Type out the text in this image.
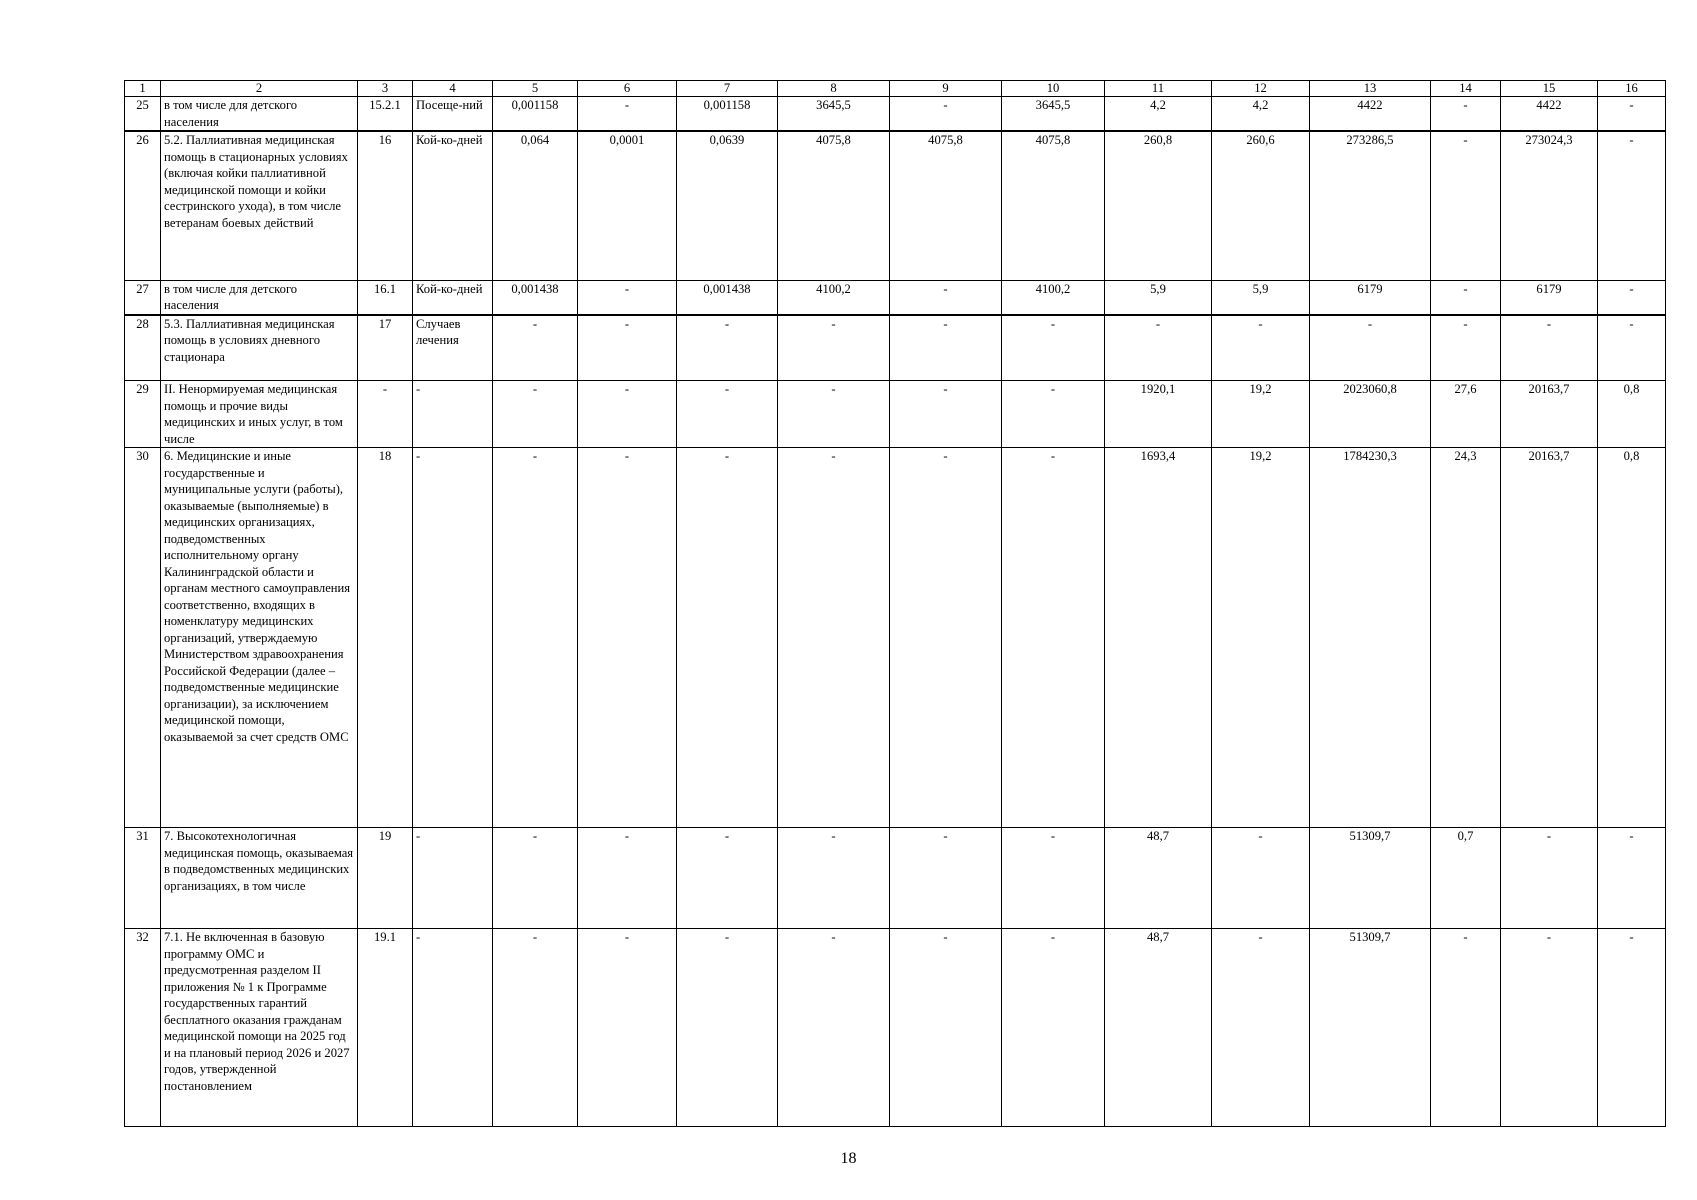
1	2	3	4	5	6	7	8	9	10	11	12	13	14	15	16
25	в том числе для детского населения	15.2.1	Посеще-ний	0,001158	-	0,001158	3645,5	-	3645,5	4,2	4,2	4422	-	4422	-
26	5.2. Паллиативная медицинская помощь в стационарных условиях (включая койки паллиативной медицинской помощи и койки сестринского ухода), в том числе ветеранам боевых действий	16	Кой-ко-дней	0,064	0,0001	0,0639	4075,8	4075,8	4075,8	260,8	260,6	273286,5	-	273024,3	-
27	в том числе для детского населения	16.1	Кой-ко-дней	0,001438	-	0,001438	4100,2	-	4100,2	5,9	5,9	6179	-	6179	-
28	5.3. Паллиативная медицинская помощь в условиях дневного стационара	17	Случаев лечения	-	-	-	-	-	-	-	-	-	-	-	-
29	II. Ненормируемая медицинская помощь и прочие виды медицинских и иных услуг, в том числе	-	-	-	-	-	-	-	-	1920,1	19,2	2023060,8	27,6	20163,7	0,8
30	6. Медицинские и иные государственные и муниципальные услуги (работы), оказываемые (выполняемые) в медицинских организациях, подведомственных исполнительному органу Калининградской области и органам местного самоуправления соответственно, входящих в номенклатуру медицинских организаций, утверждаемую Министерством здравоохранения Российской Федерации (далее – подведомственные медицинские организации), за исключением медицинской помощи, оказываемой за счет средств ОМС	18	-	-	-	-	-	-	-	1693,4	19,2	1784230,3	24,3	20163,7	0,8
31	7. Высокотехнологичная медицинская помощь, оказываемая в подведомственных медицинских организациях, в том числе	19	-	-	-	-	-	-	-	48,7	-	51309,7	0,7	-	-
32	7.1. Не включенная в базовую программу ОМС и предусмотренная разделом II приложения № 1 к Программе государственных гарантий бесплатного оказания гражданам медицинской помощи на 2025 год и на плановый период 2026 и 2027 годов, утвержденной постановлением	19.1	-	-	-	-	-	-	-	48,7	-	51309,7	-	-	-
18
